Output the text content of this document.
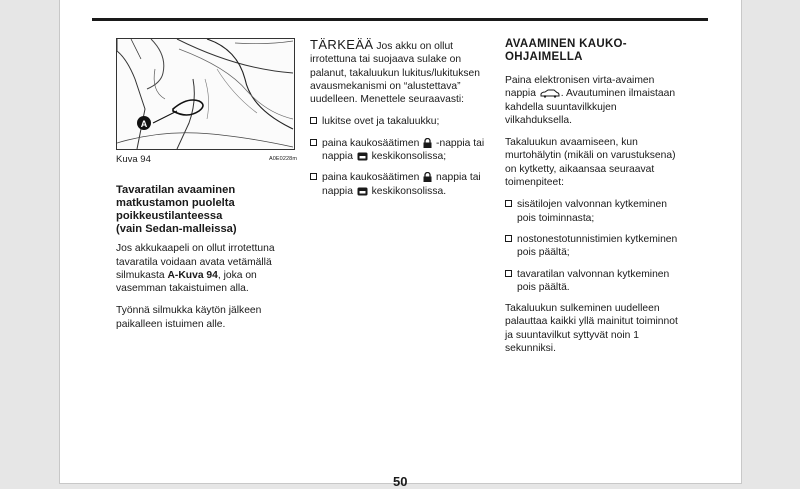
A
Kuva 94	A0E0228m
Tavaratilan avaaminen
matkustamon puolelta
poikkeustilanteessa
(vain Sedan-malleissa)

Jos akkukaapeli on ollut irrotettuna tavaratila voidaan avata vetämällä silmukasta A-Kuva 94, joka on vasemman takaistuimen alla.

Työnnä silmukka käytön jälkeen paikalleen istuimen alle.

TÄRKEÄÄ Jos akku on ollut irrotettuna tai suojaava sulake on palanut, takaluukun lukitus/lukituksen avausmekanismi on “alustettava” uudelleen. Menettele seuraavasti:

lukitse ovet ja takaluukku;
paina kaukosäätimen  -nappia tai nappia  keskikonsolissa;
paina kaukosäätimen  nappia tai nappia  keskikonsolissa.
AVAAMINEN KAUKO-
OHJAIMELLA

Paina elektronisen virta-avaimen nappia . Avautuminen ilmaistaan kahdella suuntavilkkujen vilkahduksella.

Takaluukun avaamiseen, kun murtohälytin (mikäli on varustuksena) on kytketty, aikaansaa seuraavat toimenpiteet:

sisätilojen valvonnan kytkeminen pois toiminnasta;
nostonestotunnistimien kytkeminen pois päältä;
tavaratilan valvonnan kytkeminen pois päältä.

Takaluukun sulkeminen uudelleen palauttaa kaikki yllä mainitut toiminnot ja suuntavilkut syttyvät noin 1 sekunniksi.

50
